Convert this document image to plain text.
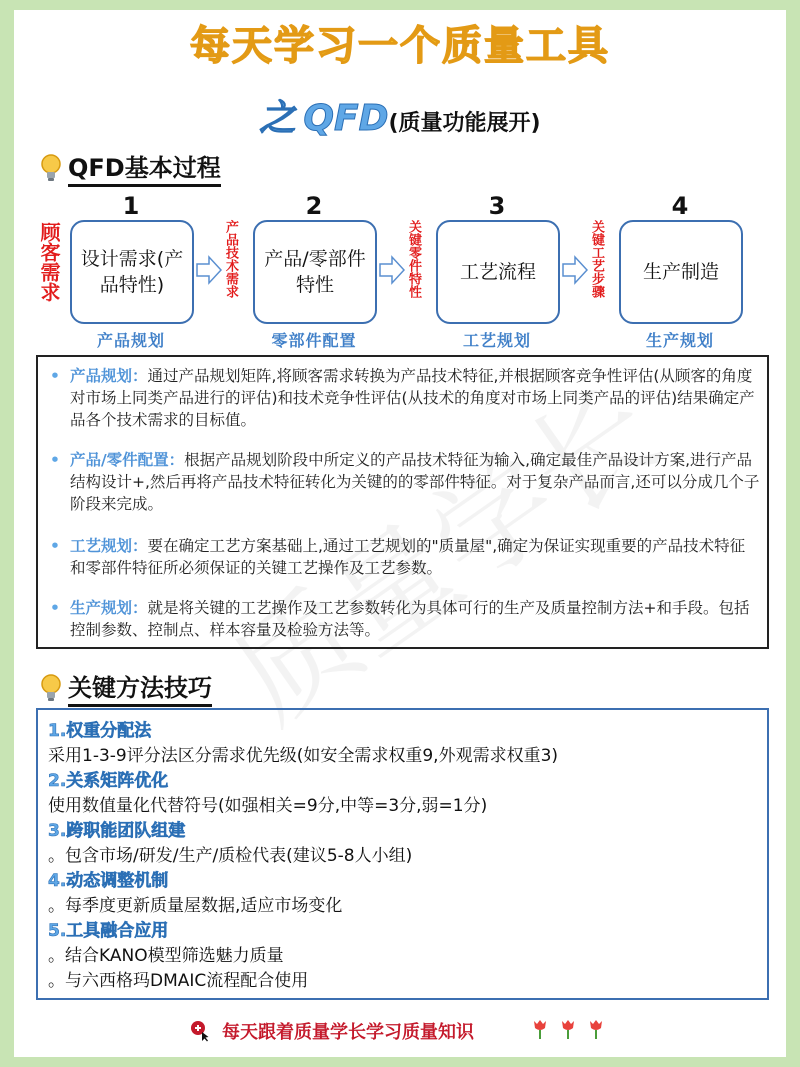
每天学习一个质量工具
之 QFD(质量功能展开)
QFD基本过程
1	2	3	4
顾客需求	设计需求(产品特性)
产品/零部件特性
工艺流程	生产制造
产品技术需求	关键零件特性	关键工艺步骤
产品规划	零部件配置	工艺规划	生产规划
• 产品规划：通过产品规划矩阵,将顾客需求转换为产品技术特征,并根据顾客竞争性评估(从顾客的角度对市场上同类产品进行的评估)和技术竞争性评估(从技术的角度对市场上同类产品的评估)结果确定产品各个技术需求的目标值。
• 产品/零件配置：根据产品规划阶段中所定义的产品技术特征为输入,确定最佳产品设计方案,进行产品结构设计+,然后再将产品技术特征转化为关键的的零部件特征。对于复杂产品而言,还可以分成几个子阶段来完成。
• 工艺规划：要在确定工艺方案基础上,通过工艺规划的"质量屋",确定为保证实现重要的产品技术特征和零部件特征所必须保证的关键工艺操作及工艺参数。
• 生产规划：就是将关键的工艺操作及工艺参数转化为具体可行的生产及质量控制方法+和手段。包括控制参数、控制点、样本容量及检验方法等。
关键方法技巧
1.权重分配法
采用1-3-9评分法区分需求优先级(如安全需求权重9,外观需求权重3)
2.关系矩阵优化
使用数值量化代替符号(如强相关=9分,中等=3分,弱=1分)
3.跨职能团队组建
。包含市场/研发/生产/质检代表(建议5-8人小组)
4.动态调整机制
。每季度更新质量屋数据,适应市场变化
5.工具融合应用
。结合KANO模型筛选魅力质量
。与六西格玛DMAIC流程配合使用
每天跟着质量学长学习质量知识
